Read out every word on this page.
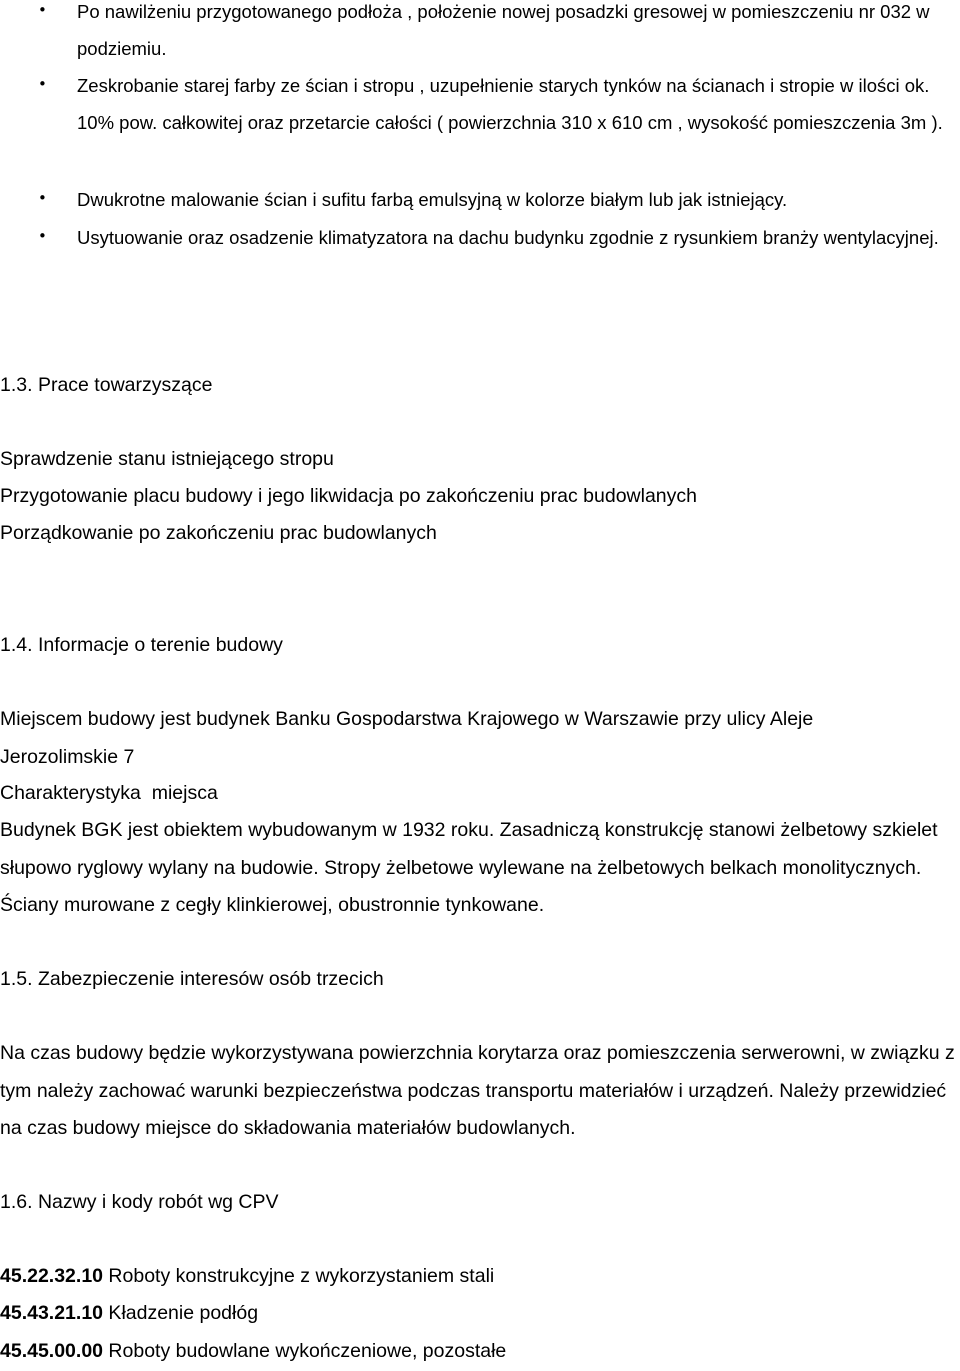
• Po nawilżeniu przygotowanego podłoża , położenie nowej posadzki gresowej w pomieszczeniu nr 032 w podziemiu.

• Zeskrobanie starej farby ze ścian i stropu , uzupełnienie starych tynków na ścianach i stropie w ilości ok. 10% pow. całkowitej oraz przetarcie całości ( powierzchnia 310 x 610 cm , wysokość pomieszczenia 3m ).

• Dwukrotne malowanie ścian i sufitu farbą emulsyjną w kolorze białym lub jak istniejący.

• Usytuowanie oraz osadzenie klimatyzatora na dachu budynku zgodnie z rysunkiem branży wentylacyjnej.

1.3. Prace towarzyszące

Sprawdzenie stanu istniejącego stropu

Przygotowanie placu budowy i jego likwidacja po zakończeniu prac budowlanych

Porządkowanie po zakończeniu prac budowlanych

1.4. Informacje o terenie budowy

Miejscem budowy jest budynek Banku Gospodarstwa Krajowego w Warszawie przy ulicy Aleje Jerozolimskie 7

Charakterystyka  miejsca

Budynek BGK jest obiektem wybudowanym w 1932 roku. Zasadniczą konstrukcję stanowi żelbetowy szkielet słupowo ryglowy wylany na budowie. Stropy żelbetowe wylewane na żelbetowych belkach monolitycznych. Ściany murowane z cegły klinkierowej, obustronnie tynkowane.

1.5. Zabezpieczenie interesów osób trzecich

Na czas budowy będzie wykorzystywana powierzchnia korytarza oraz pomieszczenia serwerowni, w związku z tym należy zachować warunki bezpieczeństwa podczas transportu materiałów i urządzeń. Należy przewidzieć na czas budowy miejsce do składowania materiałów budowlanych.

1.6. Nazwy i kody robót wg CPV

45.22.32.10 Roboty konstrukcyjne z wykorzystaniem stali

45.43.21.10 Kładzenie podłóg

45.45.00.00 Roboty budowlane wykończeniowe, pozostałe
